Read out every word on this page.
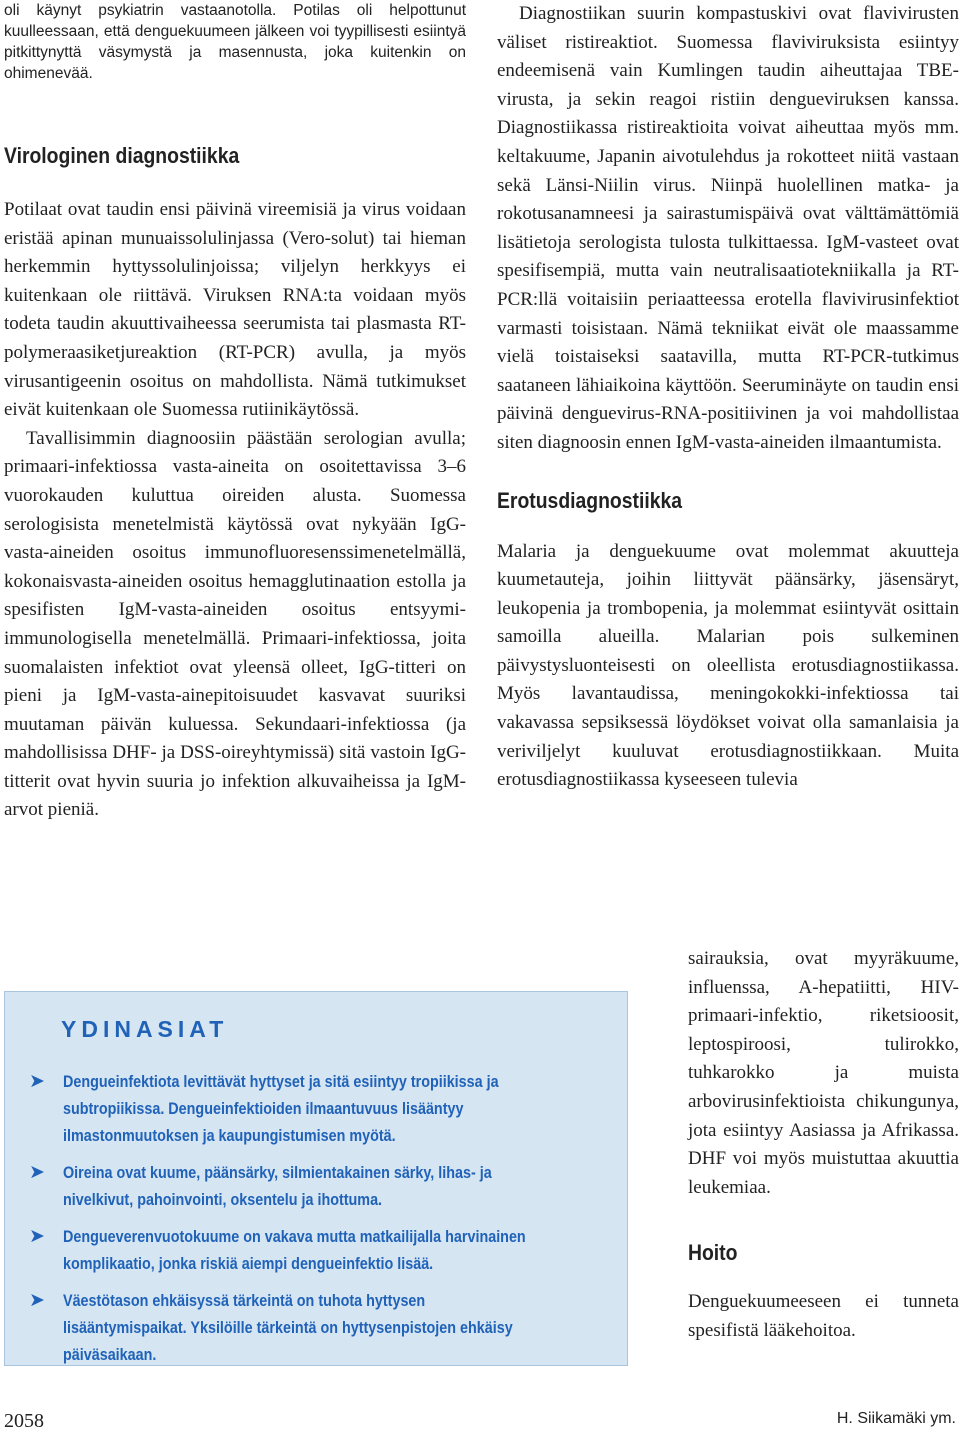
oli käynyt psykiatrin vastaanotolla. Potilas oli helpottunut kuulleessaan, että denguekuumeen jälkeen voi tyypillisesti esiintyä pitkittynyttä väsymystä ja masennusta, joka kuitenkin on ohimenevää.

Virologinen diagnostiikka

Potilaat ovat taudin ensi päivinä vireemisiä ja virus voidaan eristää apinan munuaissolulinjassa (Vero-solut) tai hieman herkemmin hyttyssolulinjoissa; viljelyn herkkyys ei kuitenkaan ole riittävä. Viruksen RNA:ta voidaan myös todeta taudin akuuttivaiheessa seerumista tai plasmasta RT-polymeraasiketjureaktion (RT-PCR) avulla, ja myös virusantigeenin osoitus on mahdollista. Nämä tutkimukset eivät kuitenkaan ole Suomessa rutiinikäytössä.

Tavallisimmin diagnoosiin päästään serologian avulla; primaari-infektiossa vasta-aineita on osoitettavissa 3–6 vuorokauden kuluttua oireiden alusta. Suomessa serologisista menetelmistä käytössä ovat nykyään IgG-vasta-aineiden osoitus immunofluoresenssimenetelmällä, kokonaisvasta-aineiden osoitus hemagglutinaation estolla ja spesifisten IgM-vasta-aineiden osoitus entsyymi-immunologisella menetelmällä. Primaari-infektiossa, joita suomalaisten infektiot ovat yleensä olleet, IgG-titteri on pieni ja IgM-vasta-ainepitoisuudet kasvavat suuriksi muutaman päivän kuluessa. Sekundaari-infektiossa (ja mahdollisissa DHF- ja DSS-oireyhtymissä) sitä vastoin IgG-titterit ovat hyvin suuria jo infektion alkuvaiheissa ja IgM-arvot pieniä.

Diagnostiikan suurin kompastuskivi ovat flavivirusten väliset ristireaktiot. Suomessa flaviviruksista esiintyy endeemisenä vain Kumlingen taudin aiheuttajaa TBE-virusta, ja sekin reagoi ristiin dengueviruksen kanssa. Diagnostiikassa ristireaktioita voivat aiheuttaa myös mm. keltakuume, Japanin aivotulehdus ja rokotteet niitä vastaan sekä Länsi-Niilin virus. Niinpä huolellinen matka- ja rokotusanamneesi ja sairastumispäivä ovat välttämättömiä lisätietoja serologista tulosta tulkittaessa. IgM-vasteet ovat spesifisempiä, mutta vain neutralisaatiotekniikalla ja RT-PCR:llä voitaisiin periaatteessa erotella flavivirusinfektiot varmasti toisistaan. Nämä tekniikat eivät ole maassamme vielä toistaiseksi saatavilla, mutta RT-PCR-tutkimus saataneen lähiaikoina käyttöön. Seeruminäyte on taudin ensi päivinä denguevirus-RNA-positiivinen ja voi mahdollistaa siten diagnoosin ennen IgM-vasta-aineiden ilmaantumista.

Erotusdiagnostiikka

Malaria ja denguekuume ovat molemmat akuutteja kuumetauteja, joihin liittyvät päänsärky, jäsensäryt, leukopenia ja trombopenia, ja molemmat esiintyvät osittain samoilla alueilla. Malarian pois sulkeminen päivystysluonteisesti on oleellista erotusdiagnostiikassa. Myös lavantaudissa, meningokokki-infektiossa tai vakavassa sepsiksessä löydökset voivat olla samanlaisia ja veriviljelyt kuuluvat erotusdiagnostiikkaan. Muita erotusdiagnostiikassa kyseeseen tulevia

sairauksia, ovat myyräkuume, influenssa, A-hepatiitti, HIV-primaari-infektio, riketsioosit, leptospiroosi, tulirokko, tuhkarokko ja muista arbovirusinfektioista chikungunya, jota esiintyy Aasiassa ja Afrikassa. DHF voi myös muistuttaa akuuttia leukemiaa.

Hoito

Denguekuumeeseen ei tunneta spesifistä lääkehoitoa.

YDINASIAT
➤	Dengueinfektiota levittävät hyttyset ja sitä esiintyy tropiikissa ja subtropiikissa. Dengueinfektioiden ilmaantuvuus lisääntyy ilmastonmuutoksen ja kaupungistumisen myötä.
➤	Oireina ovat kuume, päänsärky, silmientakainen särky, lihas- ja nivelkivut, pahoinvointi, oksentelu ja ihottuma.
➤	Dengueverenvuotokuume on vakava mutta matkailijalla harvinainen komplikaatio, jonka riskiä aiempi dengueinfektio lisää.
➤	Väestötason ehkäisyssä tärkeintä on tuhota hyttysen lisääntymispaikat. Yksilöille tärkeintä on hyttysenpistojen ehkäisy päiväsaikaan.
2058	H. Siikamäki ym.
